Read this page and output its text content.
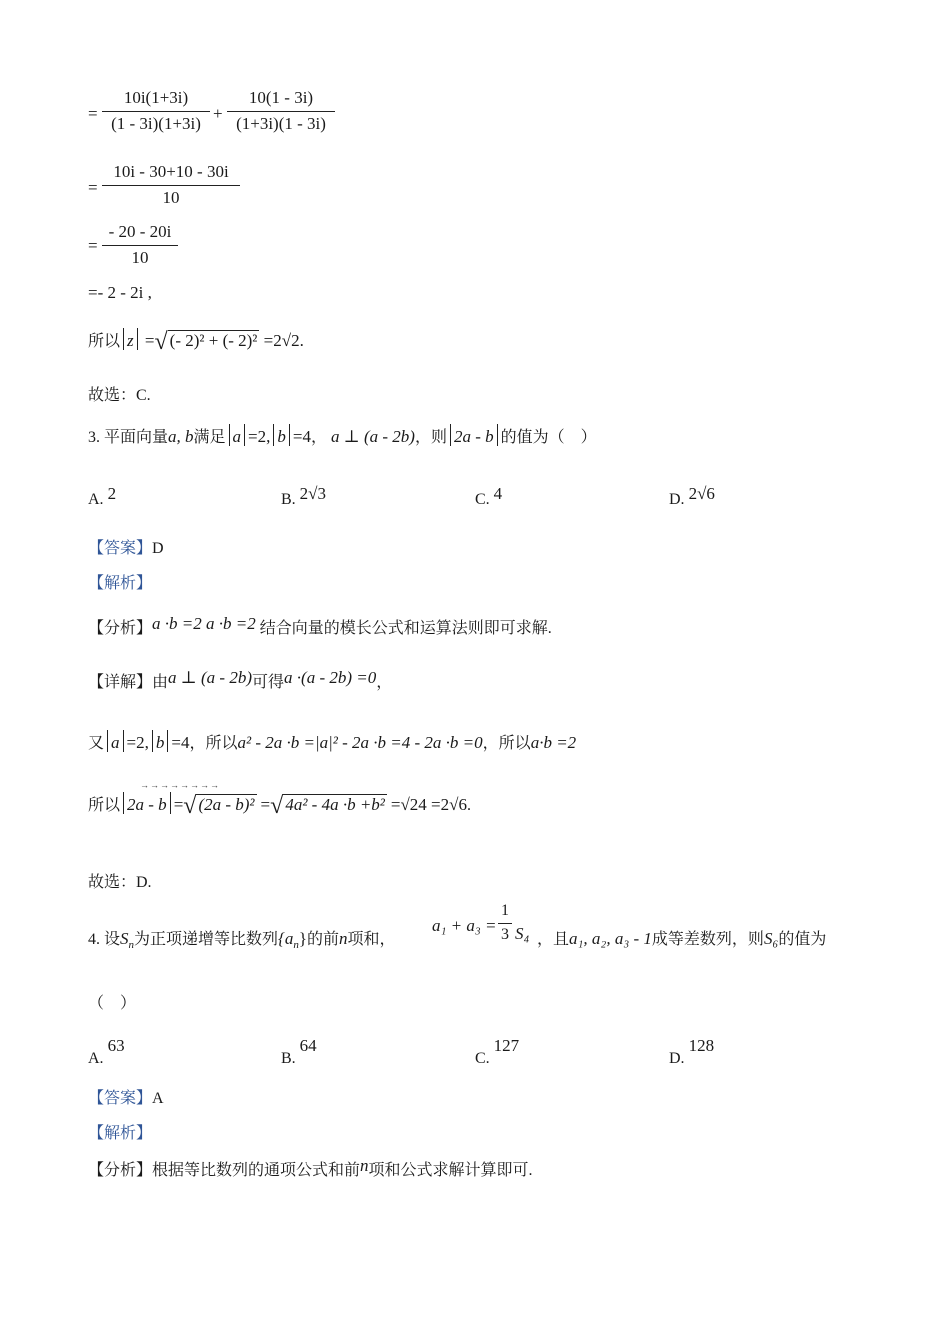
=
10i(1+3i)
(1 - 3i)(1+3i)
+
10(1 - 3i)
(1+3i)(1 - 3i)
=
10i - 30+10 - 30i
10
=
- 20 - 20i
10
=- 2 - 2i ,
所以 z =√ (- 2)² + (- 2)² =2√2.
故选：C.
3. 平面向量a, b满足 a =2, b =4， a ⊥ (a - 2b)，则 2a - b 的值为（　）
A. 2	B. 2√3	C. 4	D. 2√6
【答案】D
【解析】
【分析】a ·b =2 a ·b =2 结合向量的模长公式和运算法则即可求解.
【详解】由a ⊥ (a - 2b)可得a ·(a - 2b) =0，
又 a =2, b =4，所以a² - 2a ·b =|a|² - 2a ·b =4 - 2a ·b =0，所以a·b =2
所以 2a - b =√ (2a - b)² =√ 4a² - 4a ·b +b² =√24 =2√6.
→→→→→→→→
故选：D.
4. 设$S_n$为正项递增等比数列$\{a_n\}$的前n项和，
a₁ + a₃ =
1
3 S₄ ，且a₁, a₂, a₃ - 1成等差数列，则S₆的值为
（　）
A. 63
B. 64
C. 127
D. 128
【答案】A
【解析】
【分析】根据等比数列的通项公式和前n项和公式求解计算即可.
